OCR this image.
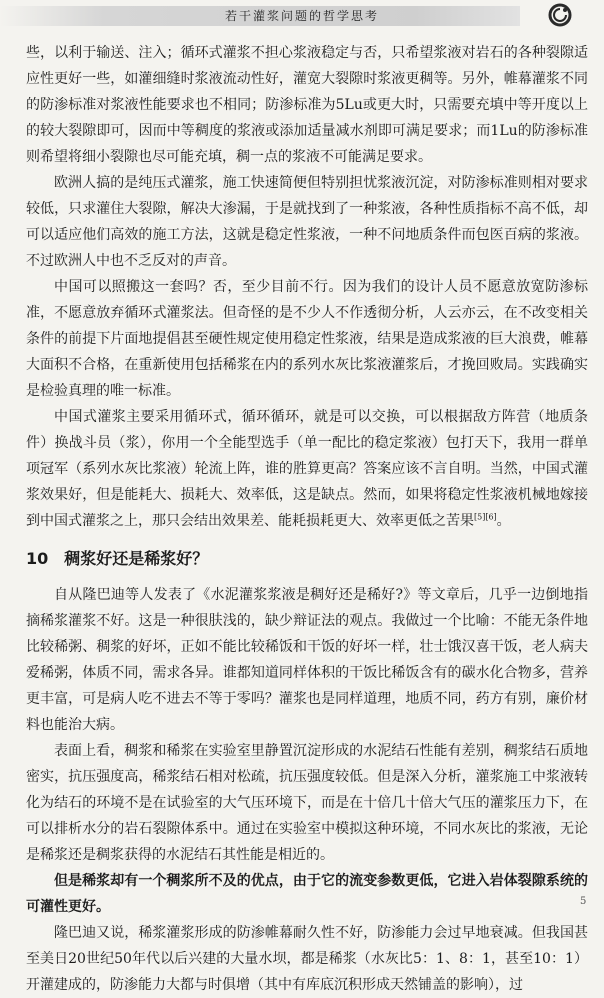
若干灌浆问题的哲学思考

些，以利于输送、注入；循环式灌浆不担心浆液稳定与否，只希望浆液对岩石的各种裂隙适应性更好一些，如灌细缝时浆液流动性好，灌宽大裂隙时浆液更稠等。另外，帷幕灌浆不同的防渗标准对浆液性能要求也不相同；防渗标准为5Lu或更大时，只需要充填中等开度以上的较大裂隙即可，因而中等稠度的浆液或添加适量减水剂即可满足要求；而1Lu的防渗标准则希望将细小裂隙也尽可能充填，稠一点的浆液不可能满足要求。

欧洲人搞的是纯压式灌浆，施工快速简便但特别担忧浆液沉淀，对防渗标准则相对要求较低，只求灌住大裂隙，解决大渗漏，于是就找到了一种浆液，各种性质指标不高不低，却可以适应他们高效的施工方法，这就是稳定性浆液，一种不问地质条件而包医百病的浆液。不过欧洲人中也不乏反对的声音。

中国可以照搬这一套吗？否，至少目前不行。因为我们的设计人员不愿意放宽防渗标准，不愿意放弃循环式灌浆法。但奇怪的是不少人不作透彻分析，人云亦云，在不改变相关条件的前提下片面地提倡甚至硬性规定使用稳定性浆液，结果是造成浆液的巨大浪费，帷幕大面积不合格，在重新使用包括稀浆在内的系列水灰比浆液灌浆后，才挽回败局。实践确实是检验真理的唯一标准。

中国式灌浆主要采用循环式，循环循环，就是可以交换，可以根据敌方阵营（地质条件）换战斗员（浆），你用一个全能型选手（单一配比的稳定浆液）包打天下，我用一群单项冠军（系列水灰比浆液）轮流上阵，谁的胜算更高？答案应该不言自明。当然，中国式灌浆效果好，但是能耗大、损耗大、效率低，这是缺点。然而，如果将稳定性浆液机械地嫁接到中国式灌浆之上，那只会结出效果差、能耗损耗更大、效率更低之苦果[5][6]。

10 稠浆好还是稀浆好？

自从隆巴迪等人发表了《水泥灌浆浆液是稠好还是稀好?》等文章后，几乎一边倒地指摘稀浆灌浆不好。这是一种很肤浅的，缺少辩证法的观点。我做过一个比喻：不能无条件地比较稀粥、稠浆的好坏，正如不能比较稀饭和干饭的好坏一样，壮士饿汉喜干饭，老人病夫爱稀粥，体质不同，需求各异。谁都知道同样体积的干饭比稀饭含有的碳水化合物多，营养更丰富，可是病人吃不进去不等于零吗？灌浆也是同样道理，地质不同，药方有别，廉价材料也能治大病。

表面上看，稠浆和稀浆在实验室里静置沉淀形成的水泥结石性能有差别，稠浆结石质地密实，抗压强度高，稀浆结石相对松疏，抗压强度较低。但是深入分析，灌浆施工中浆液转化为结石的环境不是在试验室的大气压环境下，而是在十倍几十倍大气压的灌浆压力下，在可以排析水分的岩石裂隙体系中。通过在实验室中模拟这种环境，不同水灰比的浆液，无论是稀浆还是稠浆获得的水泥结石其性能是相近的。

但是稀浆却有一个稠浆所不及的优点，由于它的流变参数更低，它进入岩体裂隙系统的可灌性更好。

隆巴迪又说，稀浆灌浆形成的防渗帷幕耐久性不好，防渗能力会过早地衰减。但我国甚至美日20世纪50年代以后兴建的大量水坝，都是稀浆（水灰比5：1、8：1，甚至10：1）开灌建成的，防渗能力大都与时俱增（其中有库底沉积形成天然铺盖的影响），过

5
